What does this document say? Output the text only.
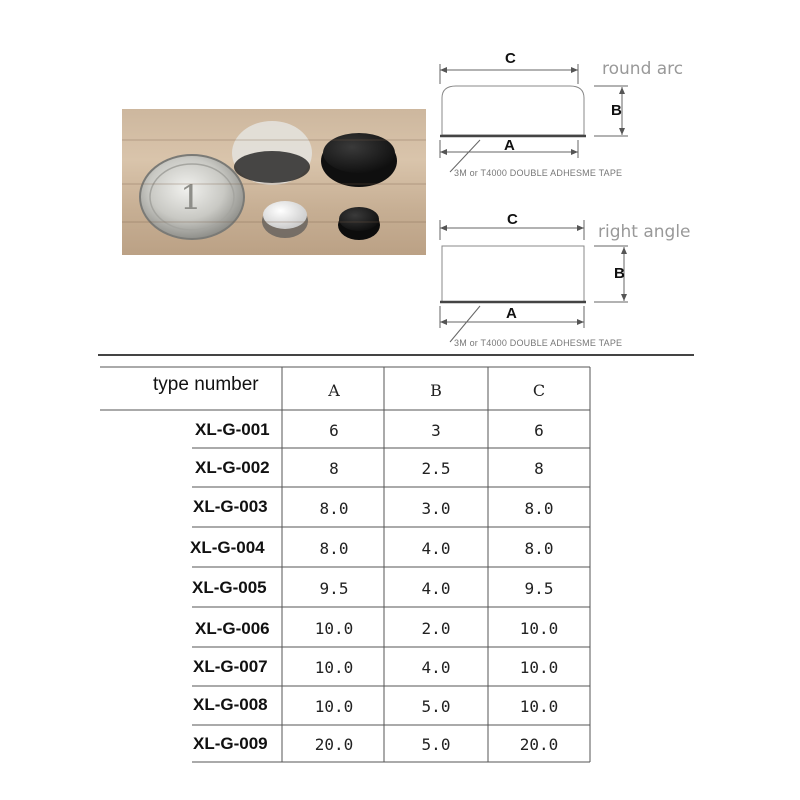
1
C
round arc
B
A
3M or T4000 DOUBLE ADHESME TAPE
C
right angle
B
A
3M or T4000 DOUBLE ADHESME TAPE
type number	A	B	C
XL-G-001	6	3	6
XL-G-002	8	2.5	8
XL-G-003	8.0	3.0	8.0
XL-G-004	8.0	4.0	8.0
XL-G-005	9.5	4.0	9.5
XL-G-006	10.0	2.0	10.0
XL-G-007	10.0	4.0	10.0
XL-G-008	10.0	5.0	10.0
XL-G-009	20.0	5.0	20.0
